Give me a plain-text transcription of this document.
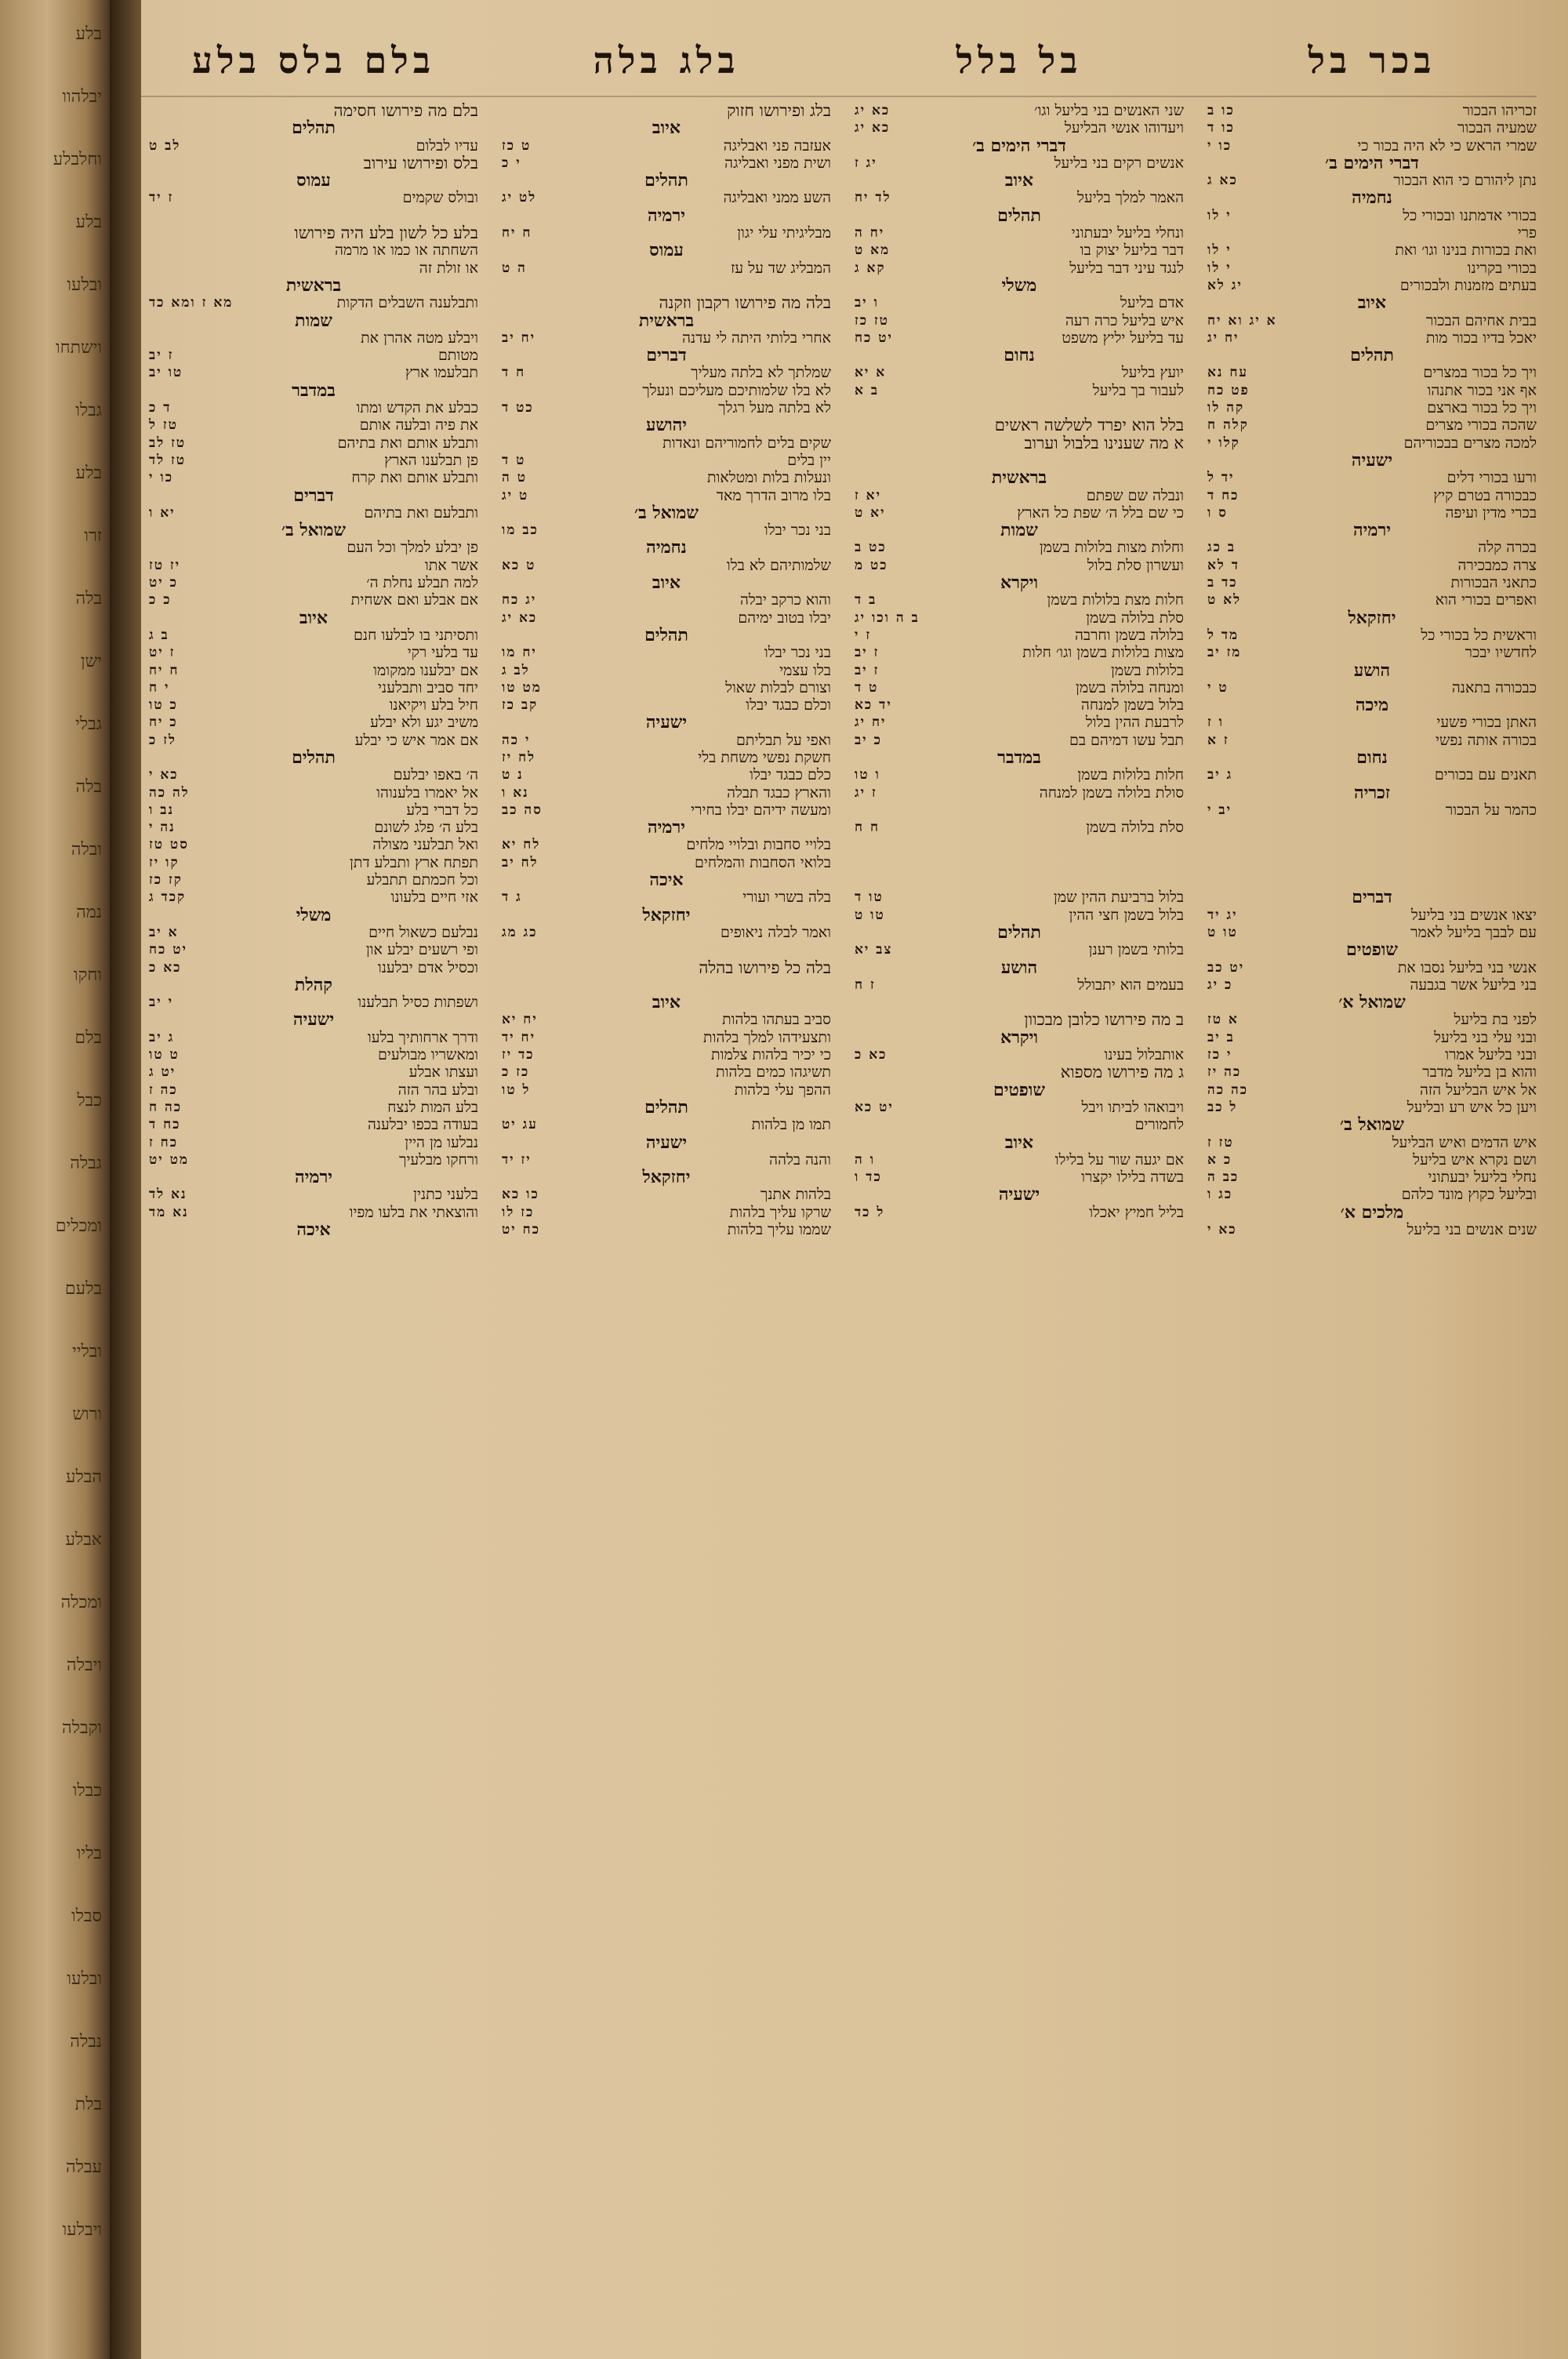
בלע
יבלהוו
וחלבלע
בלע
ובלעו
וישתחו
גבלו
בלע
זרו
בלה
ישן
גבלי
בלה
ובלה
נמה
וחקו
בלם
כבל
גבלה
ומכלים
בלעם
ובליי
ורוש
הבלע
אבלע
ומכלה
ויבלה
וקבלה
כבלו
בליו
סבלו
ובלעו
נבלה
בלת
עבלה
ויבלעו
בכר בל
בל בלל
בלג בלה
בלם בלס בלע
זכריהו הבכור
כו ב
שמעיה הבכור
כו ד
שמרי הראש כי לא היה בכור כי
כו י
דברי הימים ב׳
נתן ליהורם כי הוא הבכור
כא ג
נחמיה
בכורי אדמתנו ובכורי כל
י לו
פרי
ואת בכורות בנינו וגו׳ ואת
י לו
בכורי בקרינו
י לו
בעתים מזמנות ולבכורים
יג לא
איוב
בבית אחיהם הבכור
א יג וא יח
יאכל בדיו בכור מות
יח יג
תהלים
ויך כל בכור במצרים
עח נא
אף אני בכור אתנהו
פט כח
ויך כל בכור בארצם
קה לו
שהכה בכורי מצרים
קלה ח
למכה מצרים בבכוריהם
קלו י
ישעיה
ורעו בכורי דלים
יד ל
כבכורה בטרם קיץ
כח ד
בכרי מדין ועיפה
ס ו
ירמיה
בכרה קלה
ב כג
צרה כמבכירה
ד לא
כתאני הבכורות
כד ב
ואפרים בכורי הוא
לא ט
יחזקאל
וראשית כל בכורי כל
מד ל
לחדשיו יבכר
מז יב
הושע
כבכורה בתאנה
ט י
מיכה
האתן בכורי פשעי
ו ז
בכורה אותה נפשי
ז א
נחום
תאנים עם בכורים
ג יב
זכריה
כהמר על הבכור
יב י
דברים
יצאו אנשים בני בליעל
יג יד
עם לבבך בליעל לאמר
טו ט
שופטים
אנשי בני בליעל נסבו את
יט כב
בני בליעל אשר בגבעה
כ יג
שמואל א׳
לפני בת בליעל
א טז
ובני עלי בני בליעל
ב יב
ובני בליעל אמרו
י כז
והוא בן בליעל מדבר
כה יז
אל איש הבליעל הזה
כה כה
ויען כל איש רע ובליעל
ל כב
שמואל ב׳
איש הדמים ואיש הבליעל
טז ז
ושם נקרא איש בליעל
כ א
נחלי בליעל יבעתוני
כב ה
ובליעל כקוץ מונד כלהם
כג ו
מלכים א׳
שנים אנשים בני בליעל
כא י
שני האנשים בני בליעל וגו׳
כא יג
ויעדוהו אנשי הבליעל
כא יג
דברי הימים ב׳
אנשים רקים בני בליעל
יג ז
איוב
האמר למלך בליעל
לד יח
תהלים
ונחלי בליעל יבעתוני
יח ה
דבר בליעל יצוק בו
מא ט
לנגד עיני דבר בליעל
קא ג
משלי
אדם בליעל
ו יב
איש בליעל כרה רעה
טז כז
עד בליעל יליץ משפט
יט כח
נחום
יועץ בליעל
א יא
לעבור בך בליעל
ב א
בלל הוא יפרד לשלשה ראשים
א מה שענינו בלבול וערוב
בראשית
ונבלה שם שפתם
יא ז
כי שם בלל ה׳ שפת כל הארץ
יא ט
שמות
וחלות מצות בלולות בשמן
כט ב
ועשרון סלת בלול
כט מ
ויקרא
חלות מצת בלולות בשמן
ב ד
סלת בלולה בשמן
ב ה וכו יג
בלולה בשמן וחרבה
ז י
מצות בלולות בשמן וגו׳ חלות
ז יב
בלולות בשמן
ז יב
ומנחה בלולה בשמן
ט ד
בלול בשמן למנחה
יד כא
לרבעת ההין בלול
יח יג
תבל עשו דמיהם בם
כ יב
במדבר
חלות בלולות בשמן
ו טו
סולת בלולה בשמן למנחה
ז יג
סלת בלולה בשמן
ח ח
בלול ברביעת ההין שמן
טו ד
בלול בשמן חצי ההין
טו ט
תהלים
בלותי בשמן רענן
צב יא
הושע
בעמים הוא יתבולל
ז ח
ב מה פירושו כלובן מבכוון
ויקרא
אותבלול בעינו
כא כ
ג מה פירושו מספוא
שופטים
ויבואהו לביתו ויבל
יט כא
לחמורים
איוב
אם יגעה שור על בלילו
ו ה
בשדה בלילו יקצרו
כד ו
ישעיה
בליל חמיץ יאכלו
ל כד
בלג ופירושו חזוק
איוב
אעזבה פני ואבליגה
ט כז
ושית מפני ואבליגה
י כ
תהלים
השע ממני ואבליגה
לט יג
ירמיה
מבליגיתי עלי יגון
ח יח
עמוס
המבליג שד על עז
ה ט
בלה מה פירושו רקבון וזקנה
בראשית
אחרי בלותי היתה לי עדנה
יח יב
דברים
שמלתך לא בלתה מעליך
ח ד
לא בלו שלמותיכם מעליכם ונעלך
לא בלתה מעל רגלך
כט ד
יהושע
שקים בלים לחמוריהם ונאדות
יין בלים
ט ד
ונעלות בלות ומטלאות
ט ה
בלו מרוב הדרך מאד
ט יג
שמואל ב׳
בני נכר יבלו
כב מו
נחמיה
שלמותיהם לא בלו
ט כא
איוב
והוא כרקב יבלה
יג כח
יבלו בטוב ימיהם
כא יג
תהלים
בני נכר יבלו
יח מו
בלו עצמי
לב ג
וצורם לבלות שאול
מט טו
וכלם כבגד יבלו
קב כז
ישעיה
ואפי על תבליתם
י כה
חשקת נפשי משחת בלי
לח יז
כלם כבגד יבלו
נ ט
והארץ כבגד תבלה
נא ו
ומעשה ידיהם יבלו בחירי
סה כב
ירמיה
בלויי סחבות ובלויי מלחים
לח יא
בלואי הסחבות והמלחים
לח יב
איכה
בלה בשרי ועורי
ג ד
יחזקאל
ואמר לבלה ניאופים
כג מג
בלה כל פירושו בהלה
איוב
סביב בעתהו בלהות
יח יא
ותצעידהו למלך בלהות
יח יד
כי יכיר בלהות צלמות
כד יז
תשיגהו כמים בלהות
כז כ
ההפך עלי בלהות
ל טו
תהלים
תמו מן בלהות
עג יט
ישעיה
והנה בלהה
יז יד
יחזקאל
בלהות אתנך
כו כא
שרקו עליך בלהות
כז לו
שממו עליך בלהות
כח יט
בלם מה פירושו חסימה
תהלים
עדיו לבלום
לב ט
בלס ופירושו עירוב
עמוס
ובולס שקמים
ז יד
בלע כל לשון בלע היה פירושו
השחתה או כמו או מרמה
או זולת זה
בראשית
ותבלענה השבלים הדקות
מא ז ומא כד
שמות
ויבלע מטה אהרן את
מטותם
ז יב
תבלעמו ארץ
טו יב
במדבר
כבלע את הקדש ומתו
ד כ
את פיה ובלעה אותם
טז ל
ותבלע אותם ואת בתיהם
טז לב
פן תבלענו הארץ
טז לד
ותבלע אותם ואת קרח
כו י
דברים
ותבלעם ואת בתיהם
יא ו
שמואל ב׳
פן יבלע למלך וכל העם
אשר אתו
יז טז
למה תבלע נחלת ה׳
כ יט
אם אבלע ואם אשחית
כ כ
איוב
ותסיתני בו לבלעו חנם
ב ג
עד בלעי רקי
ז יט
אם יבלענו ממקומו
ח יח
יחד סביב ותבלעני
י ח
חיל בלע ויקיאנו
כ טו
משיב יגע ולא יבלע
כ יח
אם אמר איש כי יבלע
לז כ
תהלים
ה׳ באפו יבלעם
כא י
אל יאמרו בלענוהו
לה כה
כל דברי בלע
נב ו
בלע ה׳ פלג לשונם
נה י
ואל תבלעני מצולה
סט טז
תפתח ארץ ותבלע דתן
קו יז
וכל חכמתם תתבלע
קז כז
אזי חיים בלעונו
קכד ג
משלי
נבלעם כשאול חיים
א יב
ופי רשעים יבלע און
יט כח
וכסיל אדם יבלענו
כא כ
קהלת
ושפתות כסיל תבלענו
י יב
ישעיה
ודרך ארחותיך בלעו
ג יב
ומאשריו מבולעים
ט טו
ועצתו אבלע
יט ג
ובלע בהר הזה
כה ז
בלע המות לנצח
כה ח
בעודה בכפו יבלענה
כח ד
נבלעו מן היין
כח ז
ורחקו מבלעיך
מט יט
ירמיה
בלעני כתנין
נא לד
והוצאתי את בלעו מפיו
נא מד
איכה
